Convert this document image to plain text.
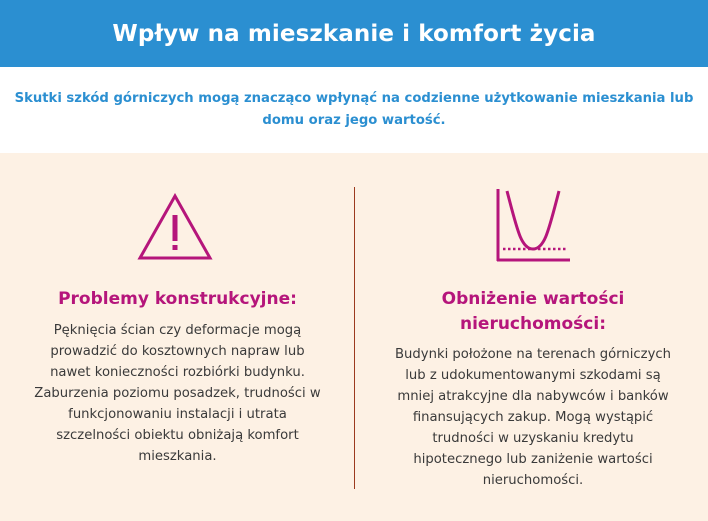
Wpływ na mieszkanie i komfort życia

Skutki szkód górniczych mogą znacząco wpłynąć na codzienne użytkowanie mieszkania lub domu oraz jego wartość.

Problemy konstrukcyjne:

Pęknięcia ścian czy deformacje mogą prowadzić do kosztownych napraw lub nawet konieczności rozbiórki budynku. Zaburzenia poziomu posadzek, trudności w funkcjonowaniu instalacji i utrata szczelności obiektu obniżają komfort mieszkania.

Obniżenie wartości nieruchomości:

Budynki położone na terenach górniczych lub z udokumentowanymi szkodami są mniej atrakcyjne dla nabywców i banków finansujących zakup. Mogą wystąpić trudności w uzyskaniu kredytu hipotecznego lub zaniżenie wartości nieruchomości.
